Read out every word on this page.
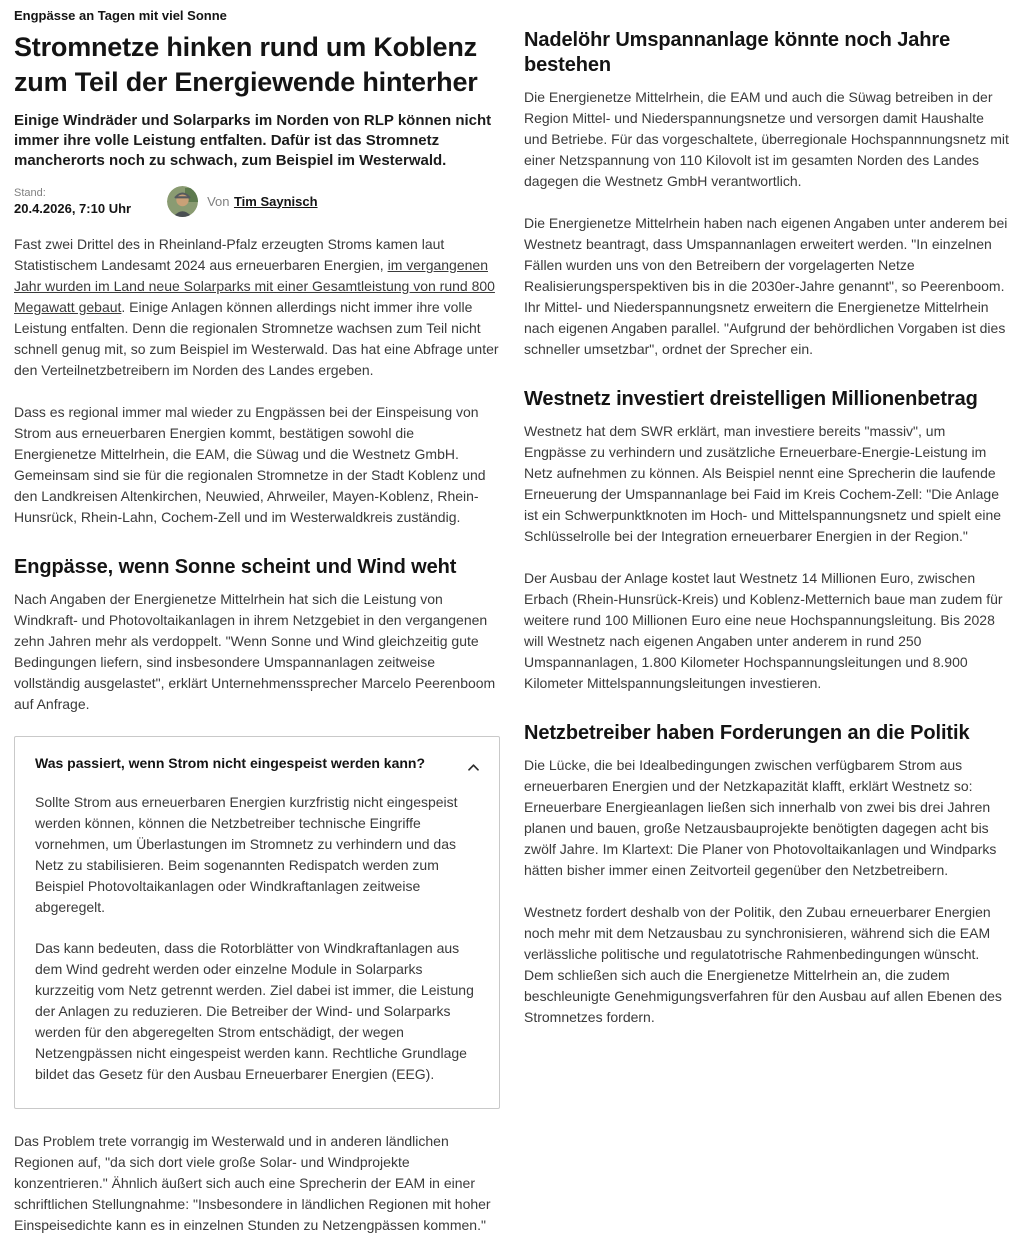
Engpässe an Tagen mit viel Sonne
Stromnetze hinken rund um Koblenz zum Teil der Energiewende hinterher

Einige Windräder und Solarparks im Norden von RLP können nicht immer ihre volle Leistung entfalten. Dafür ist das Stromnetz mancherorts noch zu schwach, zum Beispiel im Westerwald.

Stand:
20.4.2026, 7:10 Uhr	Von Tim Saynisch

Fast zwei Drittel des in Rheinland-Pfalz erzeugten Stroms kamen laut Statistischem Landesamt 2024 aus erneuerbaren Energien, im vergangenen Jahr wurden im Land neue Solarparks mit einer Gesamtleistung von rund 800 Megawatt gebaut. Einige Anlagen können allerdings nicht immer ihre volle Leistung entfalten. Denn die regionalen Stromnetze wachsen zum Teil nicht schnell genug mit, so zum Beispiel im Westerwald. Das hat eine Abfrage unter den Verteilnetzbetreibern im Norden des Landes ergeben.

Dass es regional immer mal wieder zu Engpässen bei der Einspeisung von Strom aus erneuerbaren Energien kommt, bestätigen sowohl die Energienetze Mittelrhein, die EAM, die Süwag und die Westnetz GmbH. Gemeinsam sind sie für die regionalen Stromnetze in der Stadt Koblenz und den Landkreisen Altenkirchen, Neuwied, Ahrweiler, Mayen-Koblenz, Rhein-Hunsrück, Rhein-Lahn, Cochem-Zell und im Westerwaldkreis zuständig.

Engpässe, wenn Sonne scheint und Wind weht

Nach Angaben der Energienetze Mittelrhein hat sich die Leistung von Windkraft- und Photovoltaikanlagen in ihrem Netzgebiet in den vergangenen zehn Jahren mehr als verdoppelt. "Wenn Sonne und Wind gleichzeitig gute Bedingungen liefern, sind insbesondere Umspannanlagen zeitweise vollständig ausgelastet", erklärt Unternehmenssprecher Marcelo Peerenboom auf Anfrage.

Was passiert, wenn Strom nicht eingespeist werden kann?

Sollte Strom aus erneuerbaren Energien kurzfristig nicht eingespeist werden können, können die Netzbetreiber technische Eingriffe vornehmen, um Überlastungen im Stromnetz zu verhindern und das Netz zu stabilisieren. Beim sogenannten Redispatch werden zum Beispiel Photovoltaikanlagen oder Windkraftanlagen zeitweise abgeregelt.

Das kann bedeuten, dass die Rotorblätter von Windkraftanlagen aus dem Wind gedreht werden oder einzelne Module in Solarparks kurzzeitig vom Netz getrennt werden. Ziel dabei ist immer, die Leistung der Anlagen zu reduzieren. Die Betreiber der Wind- und Solarparks werden für den abgeregelten Strom entschädigt, der wegen Netzengpässen nicht eingespeist werden kann. Rechtliche Grundlage bildet das Gesetz für den Ausbau Erneuerbarer Energien (EEG).

Das Problem trete vorrangig im Westerwald und in anderen ländlichen Regionen auf, "da sich dort viele große Solar- und Windprojekte konzentrieren." Ähnlich äußert sich auch eine Sprecherin der EAM in einer schriftlichen Stellungnahme: "Insbesondere in ländlichen Regionen mit hoher Einspeisedichte kann es in einzelnen Stunden zu Netzengpässen kommen."

Nadelöhr Umspannanlage könnte noch Jahre bestehen

Die Energienetze Mittelrhein, die EAM und auch die Süwag betreiben in der Region Mittel- und Niederspannungsnetze und versorgen damit Haushalte und Betriebe. Für das vorgeschaltete, überregionale Hochspannnungsnetz mit einer Netzspannung von 110 Kilovolt ist im gesamten Norden des Landes dagegen die Westnetz GmbH verantwortlich.

Die Energienetze Mittelrhein haben nach eigenen Angaben unter anderem bei Westnetz beantragt, dass Umspannanlagen erweitert werden. "In einzelnen Fällen wurden uns von den Betreibern der vorgelagerten Netze Realisierungsperspektiven bis in die 2030er-Jahre genannt", so Peerenboom. Ihr Mittel- und Niederspannungsnetz erweitern die Energienetze Mittelrhein nach eigenen Angaben parallel. "Aufgrund der behördlichen Vorgaben ist dies schneller umsetzbar", ordnet der Sprecher ein.

Westnetz investiert dreistelligen Millionenbetrag

Westnetz hat dem SWR erklärt, man investiere bereits "massiv", um Engpässe zu verhindern und zusätzliche Erneuerbare-Energie-Leistung im Netz aufnehmen zu können. Als Beispiel nennt eine Sprecherin die laufende Erneuerung der Umspannanlage bei Faid im Kreis Cochem-Zell: "Die Anlage ist ein Schwerpunktknoten im Hoch- und Mittelspannungsnetz und spielt eine Schlüsselrolle bei der Integration erneuerbarer Energien in der Region."

Der Ausbau der Anlage kostet laut Westnetz 14 Millionen Euro, zwischen Erbach (Rhein-Hunsrück-Kreis) und Koblenz-Metternich baue man zudem für weitere rund 100 Millionen Euro eine neue Hochspannungsleitung. Bis 2028 will Westnetz nach eigenen Angaben unter anderem in rund 250 Umspannanlagen, 1.800 Kilometer Hochspannungsleitungen und 8.900 Kilometer Mittelspannungsleitungen investieren.

Netzbetreiber haben Forderungen an die Politik

Die Lücke, die bei Idealbedingungen zwischen verfügbarem Strom aus erneuerbaren Energien und der Netzkapazität klafft, erklärt Westnetz so: Erneuerbare Energieanlagen ließen sich innerhalb von zwei bis drei Jahren planen und bauen, große Netzausbauprojekte benötigten dagegen acht bis zwölf Jahre. Im Klartext: Die Planer von Photovoltaikanlagen und Windparks hätten bisher immer einen Zeitvorteil gegenüber den Netzbetreibern.

Westnetz fordert deshalb von der Politik, den Zubau erneuerbarer Energien noch mehr mit dem Netzausbau zu synchronisieren, während sich die EAM verlässliche politische und regulatotrische Rahmenbedingungen wünscht. Dem schließen sich auch die Energienetze Mittelrhein an, die zudem beschleunigte Genehmigungsverfahren für den Ausbau auf allen Ebenen des Stromnetzes fordern.
